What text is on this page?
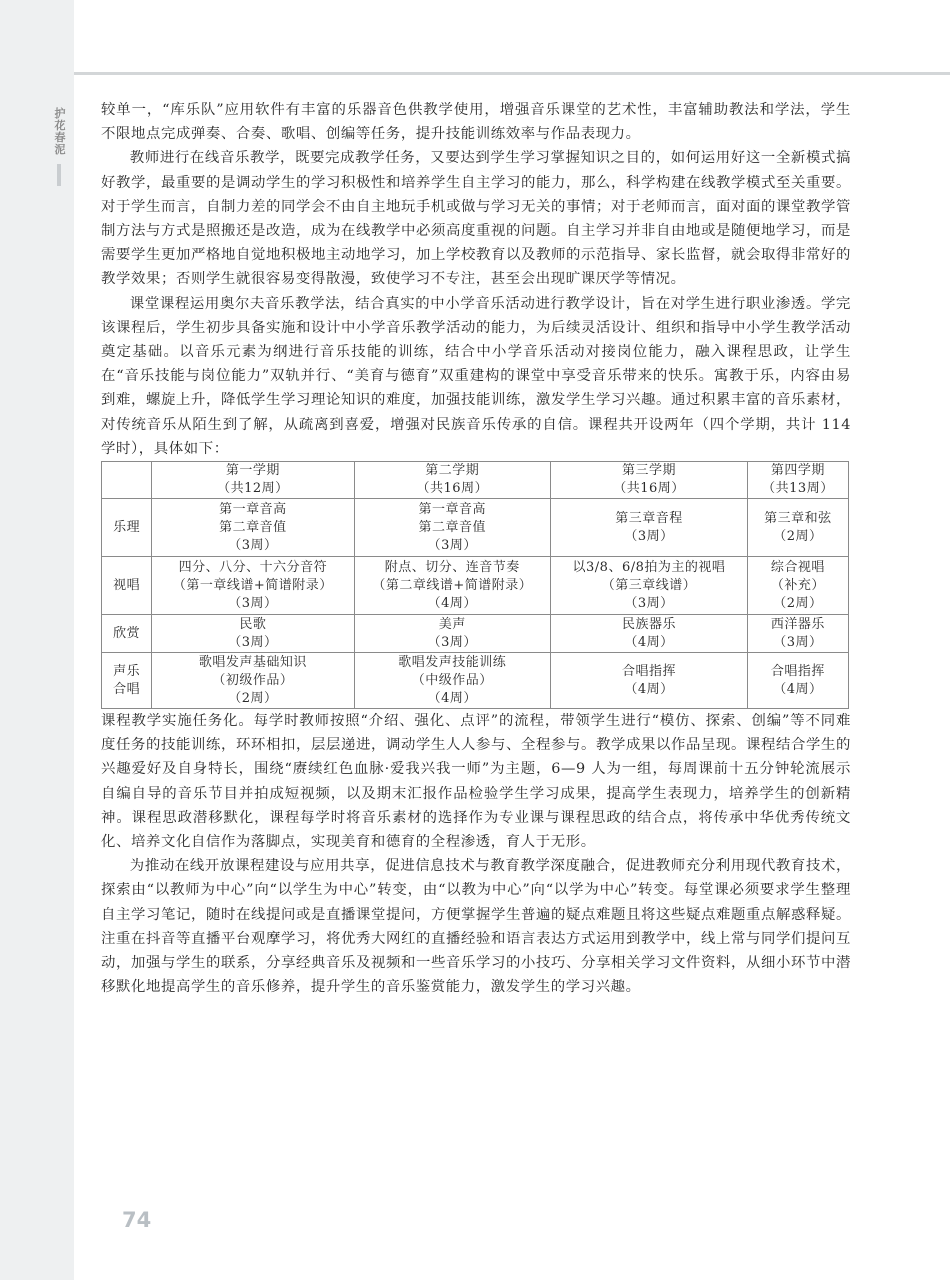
护
花
春
泥

较单一，“库乐队”应用软件有丰富的乐器音色供教学使用，增强音乐课堂的艺术性，丰富辅助教法和学法，学生不限地点完成弹奏、合奏、歌唱、创编等任务，提升技能训练效率与作品表现力。

教师进行在线音乐教学，既要完成教学任务，又要达到学生学习掌握知识之目的，如何运用好这一全新模式搞好教学，最重要的是调动学生的学习积极性和培养学生自主学习的能力，那么，科学构建在线教学模式至关重要。对于学生而言，自制力差的同学会不由自主地玩手机或做与学习无关的事情；对于老师而言，面对面的课堂教学管制方法与方式是照搬还是改造，成为在线教学中必须高度重视的问题。自主学习并非自由地或是随便地学习，而是需要学生更加严格地自觉地积极地主动地学习，加上学校教育以及教师的示范指导、家长监督，就会取得非常好的教学效果；否则学生就很容易变得散漫，致使学习不专注，甚至会出现旷课厌学等情况。

课堂课程运用奥尔夫音乐教学法，结合真实的中小学音乐活动进行教学设计，旨在对学生进行职业渗透。学完该课程后，学生初步具备实施和设计中小学音乐教学活动的能力，为后续灵活设计、组织和指导中小学生教学活动奠定基础。以音乐元素为纲进行音乐技能的训练，结合中小学音乐活动对接岗位能力，融入课程思政，让学生在“音乐技能与岗位能力”双轨并行、“美育与德育”双重建构的课堂中享受音乐带来的快乐。寓教于乐，内容由易到难，螺旋上升，降低学生学习理论知识的难度，加强技能训练，激发学生学习兴趣。通过积累丰富的音乐素材，对传统音乐从陌生到了解，从疏离到喜爱，增强对民族音乐传承的自信。课程共开设两年（四个学期，共计 114 学时），具体如下：

	第一学期
（共12周）	第二学期
（共16周）	第三学期
（共16周）	第四学期
（共13周）

乐理	第一章音高
第二章音值
（3周）	第一章音高
第二章音值
（3周）	第三章音程
（3周）	第三章和弦
（2周）

视唱	四分、八分、十六分音符
（第一章线谱+简谱附录）
（3周）	附点、切分、连音节奏
（第二章线谱+简谱附录）
（4周）	以3/8、6/8拍为主的视唱
（第三章线谱）
（3周）	综合视唱
（补充）
（2周）

欣赏	民歌
（3周）	美声
（3周）	民族器乐
（4周）	西洋器乐
（3周）

声乐
合唱	歌唱发声基础知识
（初级作品）
（2周）	歌唱发声技能训练
（中级作品）
（4周）	合唱指挥
（4周）	合唱指挥
（4周）

课程教学实施任务化。每学时教师按照“介绍、强化、点评”的流程，带领学生进行“模仿、探索、创编”等不同难度任务的技能训练，环环相扣，层层递进，调动学生人人参与、全程参与。教学成果以作品呈现。课程结合学生的兴趣爱好及自身特长，围绕“赓续红色血脉·爱我兴我一师”为主题，6—9 人为一组，每周课前十五分钟轮流展示自编自导的音乐节目并拍成短视频，以及期末汇报作品检验学生学习成果，提高学生表现力，培养学生的创新精神。课程思政潜移默化，课程每学时将音乐素材的选择作为专业课与课程思政的结合点，将传承中华优秀传统文化、培养文化自信作为落脚点，实现美育和德育的全程渗透，育人于无形。

为推动在线开放课程建设与应用共享，促进信息技术与教育教学深度融合，促进教师充分利用现代教育技术，探索由“以教师为中心”向“以学生为中心”转变，由“以教为中心”向“以学为中心”转变。每堂课必须要求学生整理自主学习笔记，随时在线提问或是直播课堂提问，方便掌握学生普遍的疑点难题且将这些疑点难题重点解惑释疑。注重在抖音等直播平台观摩学习，将优秀大网红的直播经验和语言表达方式运用到教学中，线上常与同学们提问互动，加强与学生的联系，分享经典音乐及视频和一些音乐学习的小技巧、分享相关学习文件资料，从细小环节中潜移默化地提高学生的音乐修养，提升学生的音乐鉴赏能力，激发学生的学习兴趣。

74
